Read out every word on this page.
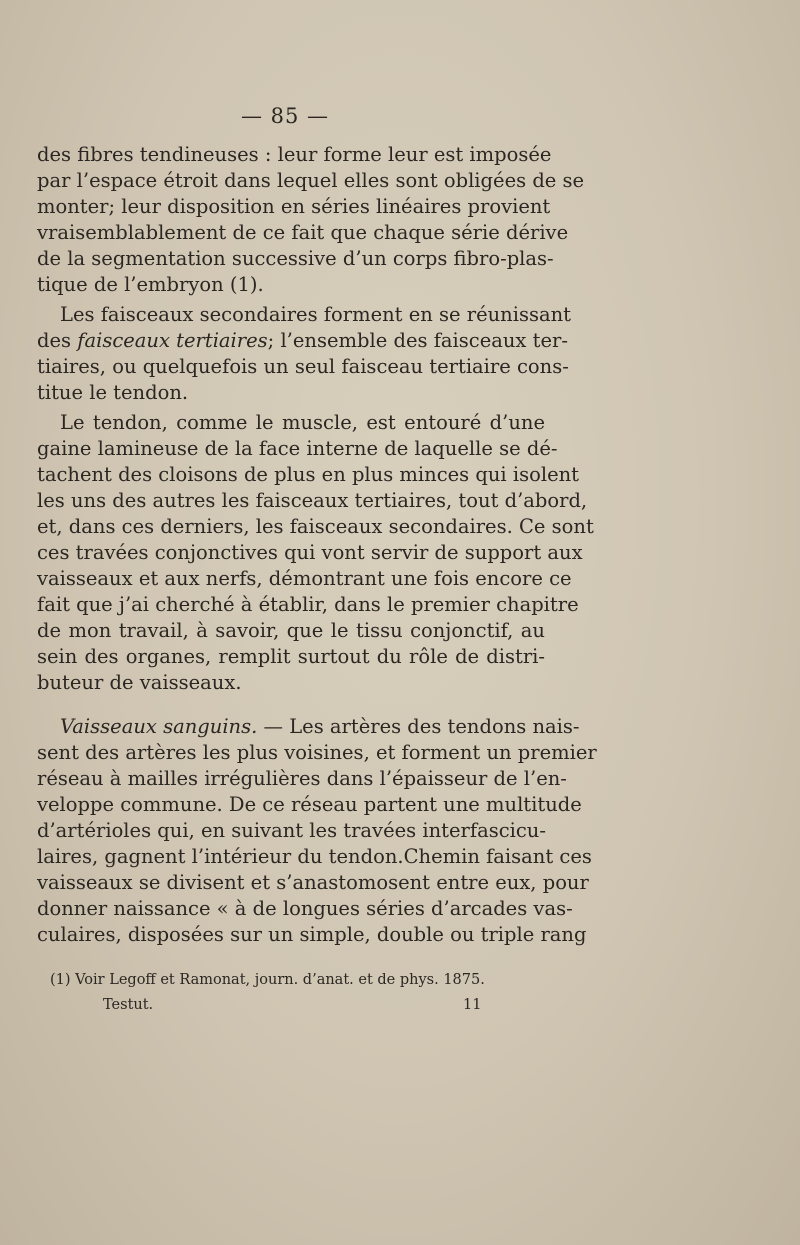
— 85 —
des fibres tendineuses : leur forme leur est imposée
par l’espace étroit dans lequel elles sont obligées de se
monter; leur disposition en séries linéaires provient
vraisemblablement de ce fait que chaque série dérive
de la segmentation successive d’un corps fibro-plas-
tique de l’embryon (1).
Les faisceaux secondaires forment en se réunissant
des faisceaux tertiaires; l’ensemble des faisceaux ter-
tiaires, ou quelquefois un seul faisceau tertiaire cons-
titue le tendon.
Le tendon, comme le muscle, est entouré d’une
gaine lamineuse de la face interne de laquelle se dé-
tachent des cloisons de plus en plus minces qui isolent
les uns des autres les faisceaux tertiaires, tout d’abord,
et, dans ces derniers, les faisceaux secondaires. Ce sont
ces travées conjonctives qui vont servir de support aux
vaisseaux et aux nerfs, démontrant une fois encore ce
fait que j’ai cherché à établir, dans le premier chapitre
de mon travail, à savoir, que le tissu conjonctif, au
sein des organes, remplit surtout du rôle de distri-
buteur de vaisseaux.
Vaisseaux sanguins. — Les artères des tendons nais-
sent des artères les plus voisines, et forment un premier
réseau à mailles irrégulières dans l’épaisseur de l’en-
veloppe commune. De ce réseau partent une multitude
d’artérioles qui, en suivant les travées interfascicu-
laires, gagnent l’intérieur du tendon.Chemin faisant ces
vaisseaux se divisent et s’anastomosent entre eux, pour
donner naissance « à de longues séries d’arcades vas-
culaires, disposées sur un simple, double ou triple rang
(1) Voir Legoff et Ramonat, journ. d’anat. et de phys. 1875.
Testut.	11
